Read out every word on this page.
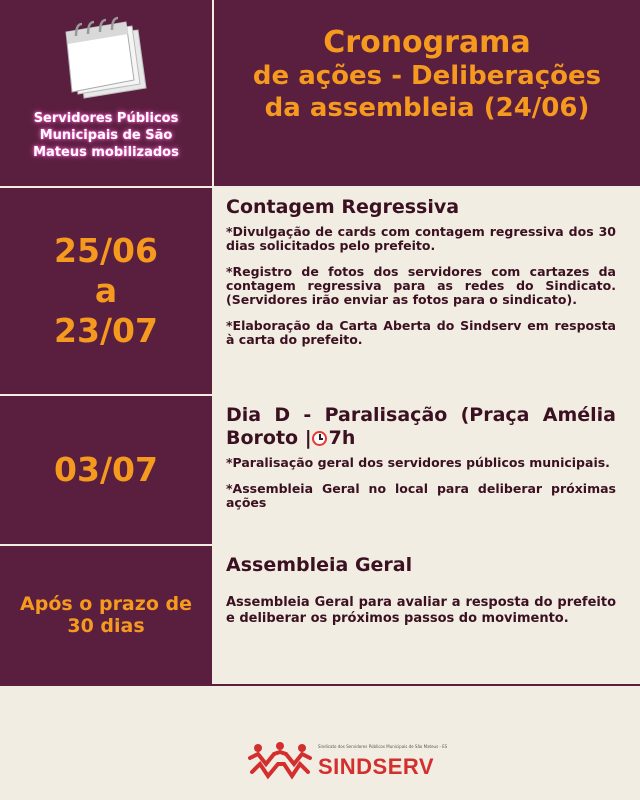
Servidores Públicos
Municipais de São
Mateus mobilizados
Cronograma
de ações - Deliberações
da assembleia (24/06)
25/06
a
23/07
Contagem Regressiva
*Divulgação de cards com contagem regressiva dos 30 dias solicitados pelo prefeito.
*Registro de fotos dos servidores com cartazes da contagem regressiva para as redes do Sindicato. (Servidores irão enviar as fotos para o sindicato).
*Elaboração da Carta Aberta do Sindserv em resposta à carta do prefeito.
03/07
Dia D - Paralisação (Praça Amélia Boroto | 7h
*Paralisação geral dos servidores públicos municipais.
*Assembleia Geral no local para deliberar próximas ações
Após o prazo de
30 dias
Assembleia Geral
Assembleia Geral para avaliar a resposta do prefeito e deliberar os próximos passos do movimento.
Sindicato dos Servidores Públicos Municipais de São Mateus - ES
SINDSERV
